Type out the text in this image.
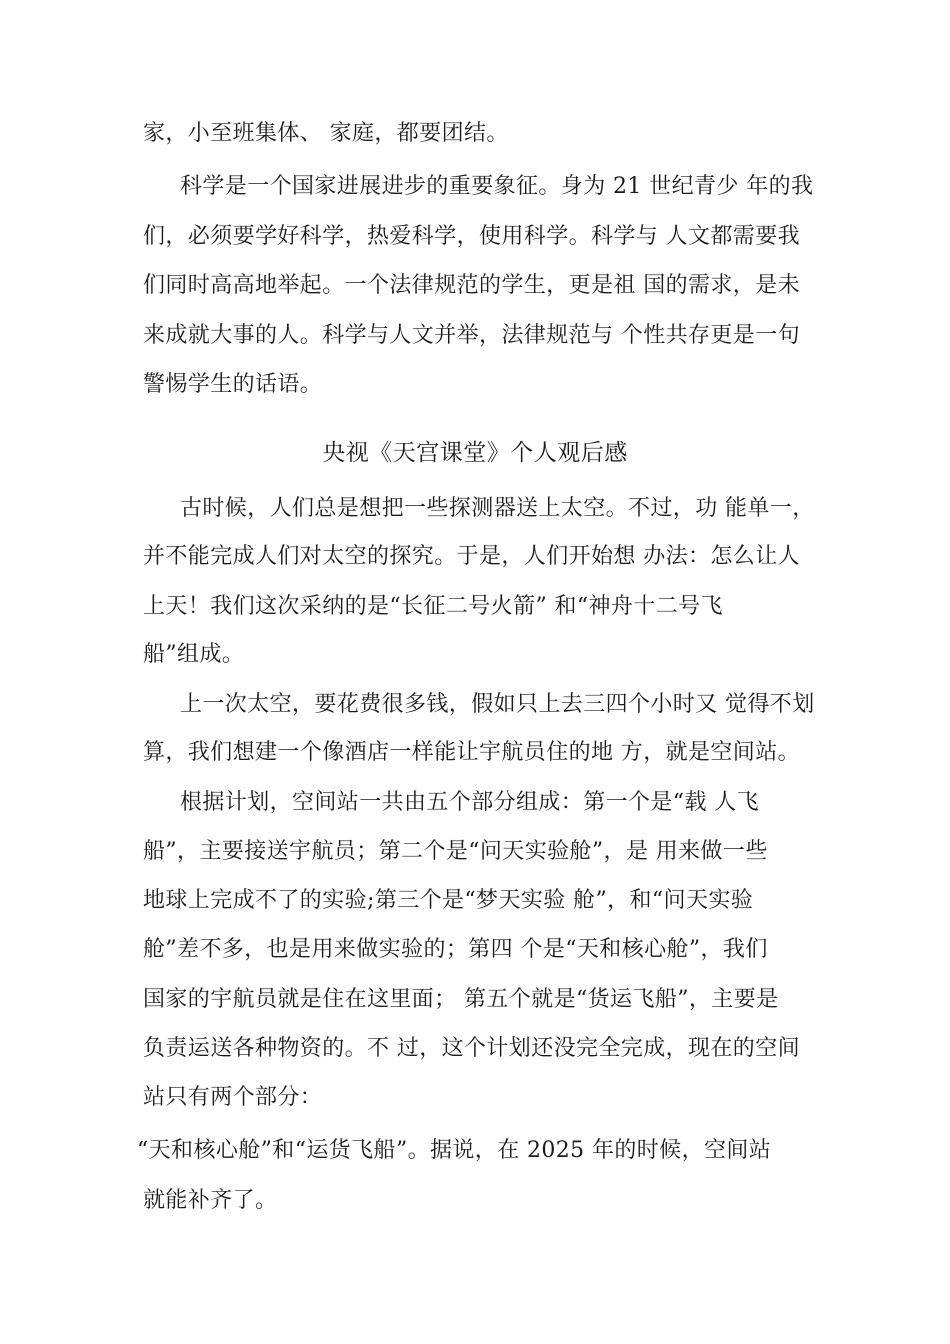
家，小至班集体、 家庭，都要团结。
科学是一个国家进展进步的重要象征。身为 21 世纪青少 年的我
们，必须要学好科学，热爱科学，使用科学。科学与 人文都需要我
们同时高高地举起。一个法律规范的学生，更是祖 国的需求，是未
来成就大事的人。科学与人文并举，法律规范与 个性共存更是一句
警惕学生的话语。
央视《天宫课堂》个人观后感
古时候，人们总是想把一些探测器送上太空。不过，功 能单一，
并不能完成人们对太空的探究。于是，人们开始想 办法：怎么让人
上天！我们这次采纳的是“长征二号火箭” 和“神舟十二号飞
船”组成。
上一次太空，要花费很多钱，假如只上去三四个小时又 觉得不划
算，我们想建一个像酒店一样能让宇航员住的地 方，就是空间站。
根据计划，空间站一共由五个部分组成：第一个是“载 人飞
船”，主要接送宇航员；第二个是“问天实验舱”，是 用来做一些
地球上完成不了的实验;第三个是“梦天实验 舱”，和“问天实验
舱”差不多，也是用来做实验的；第四 个是“天和核心舱”，我们
国家的宇航员就是住在这里面； 第五个就是“货运飞船”，主要是
负责运送各种物资的。不 过，这个计划还没完全完成，现在的空间
站只有两个部分：
“天和核心舱”和“运货飞船”。据说，在 2025 年的时候，空间站
就能补齐了。
